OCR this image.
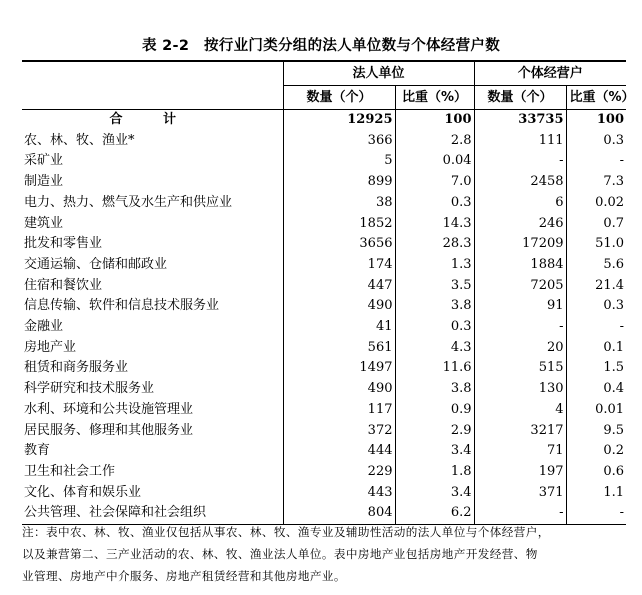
表 2-2　按行业门类分组的法人单位数与个体经营户数
	法人单位		个体经营户	
	数量（个）	比重（%）	数量（个）	比重（%）
合 计	12925	100	33735	100
农、林、牧、渔业*	366	2.8	111	0.3
采矿业	5	0.04	-	-
制造业	899	7.0	2458	7.3
电力、热力、燃气及水生产和供应业	38	0.3	6	0.02
建筑业	1852	14.3	246	0.7
批发和零售业	3656	28.3	17209	51.0
交通运输、仓储和邮政业	174	1.3	1884	5.6
住宿和餐饮业	447	3.5	7205	21.4
信息传输、软件和信息技术服务业	490	3.8	91	0.3
金融业	41	0.3	-	-
房地产业	561	4.3	20	0.1
租赁和商务服务业	1497	11.6	515	1.5
科学研究和技术服务业	490	3.8	130	0.4
水利、环境和公共设施管理业	117	0.9	4	0.01
居民服务、修理和其他服务业	372	2.9	3217	9.5
教育	444	3.4	71	0.2
卫生和社会工作	229	1.8	197	0.6
文化、体育和娱乐业	443	3.4	371	1.1
公共管理、社会保障和社会组织	804	6.2	-	-
注：表中农、林、牧、渔业仅包括从事农、林、牧、渔专业及辅助性活动的法人单位与个体经营户，
以及兼营第二、三产业活动的农、林、牧、渔业法人单位。表中房地产业包括房地产开发经营、物
业管理、房地产中介服务、房地产租赁经营和其他房地产业。
